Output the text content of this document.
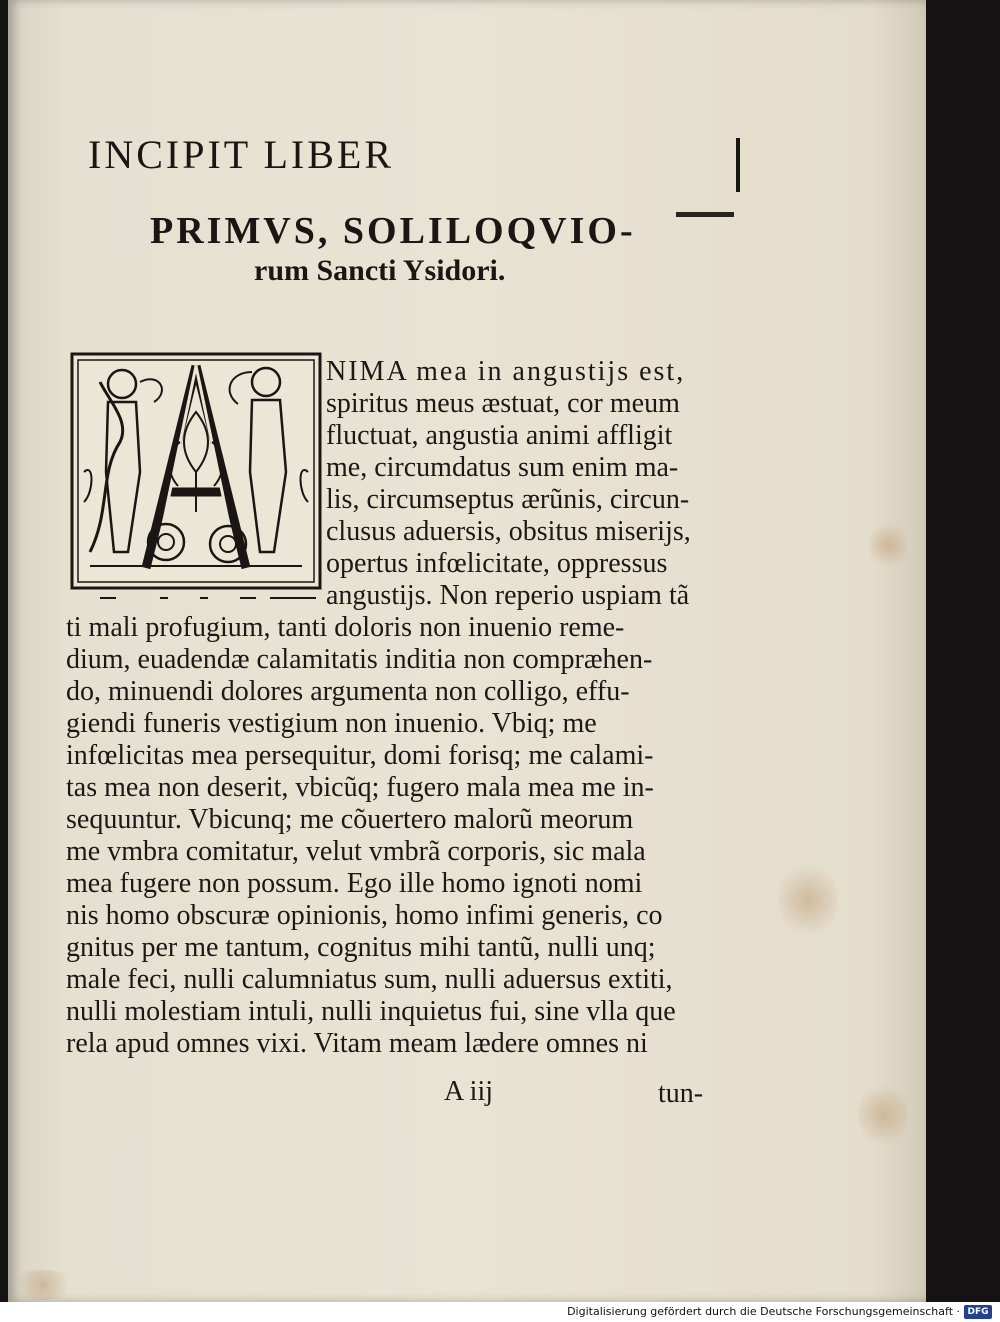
INCIPIT LIBER
PRIMVS, SOLILOQVIO-
rum Sancti Ysidori.

NIMA mea in angustijs est,

spiritus meus æstuat, cor meum

fluctuat, angustia animi affligit

me, circumdatus sum enim ma-

lis, circumseptus ærũnis, circun-

clusus aduersis, obsitus miserijs,

opertus infœlicitate, oppressus

angustijs. Non reperio uspiam tã

ti mali profugium, tanti doloris non inuenio reme-

dium, euadendæ calamitatis inditia non compræhen-

do, minuendi dolores argumenta non colligo, effu-

giendi funeris vestigium non inuenio. Vbiq; me

infœlicitas mea persequitur, domi forisq; me calami-

tas mea non deserit, vbicũq; fugero mala mea me in-

sequuntur. Vbicunq; me cõuertero malorũ meorum

me vmbra comitatur, velut vmbrã corporis, sic mala

mea fugere non possum. Ego ille homo ignoti nomi

nis homo obscuræ opinionis, homo infimi generis, co

gnitus per me tantum, cognitus mihi tantũ, nulli unq;

male feci, nulli calumniatus sum, nulli aduersus extiti,

nulli molestiam intuli, nulli inquietus fui, sine vlla que

rela apud omnes vixi. Vitam meam lædere omnes ni

A iij	tun-

Digitalisierung gefördert durch die Deutsche Forschungsgemeinschaft · DFG
